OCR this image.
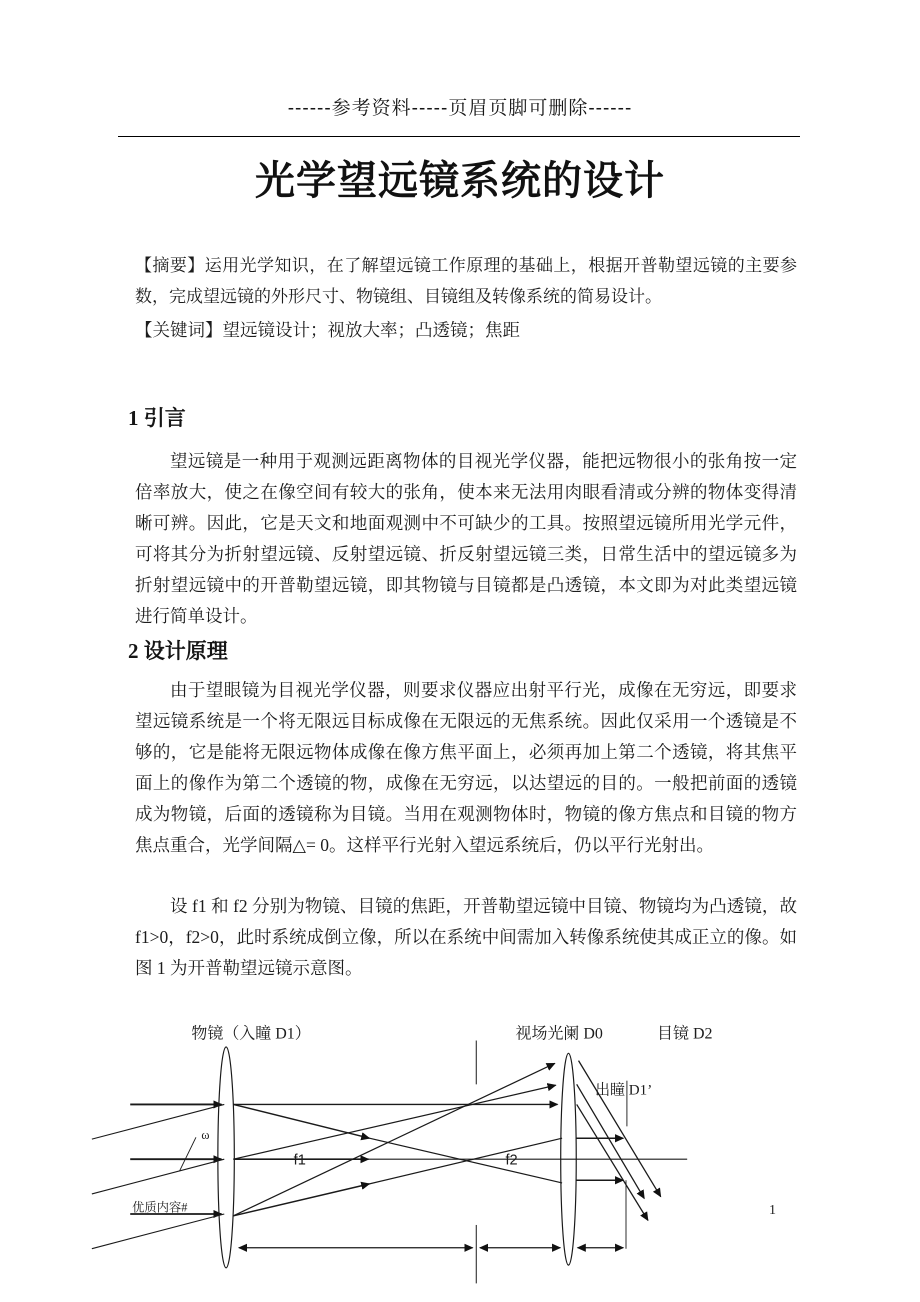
------参考资料-----页眉页脚可删除------
光学望远镜系统的设计
【摘要】运用光学知识，在了解望远镜工作原理的基础上，根据开普勒望远镜的主要参数，完成望远镜的外形尺寸、物镜组、目镜组及转像系统的简易设计。
【关键词】望远镜设计；视放大率；凸透镜；焦距
1 引言
望远镜是一种用于观测远距离物体的目视光学仪器，能把远物很小的张角按一定倍率放大，使之在像空间有较大的张角，使本来无法用肉眼看清或分辨的物体变得清晰可辨。因此，它是天文和地面观测中不可缺少的工具。按照望远镜所用光学元件，可将其分为折射望远镜、反射望远镜、折反射望远镜三类，日常生活中的望远镜多为折射望远镜中的开普勒望远镜，即其物镜与目镜都是凸透镜，本文即为对此类望远镜进行简单设计。
2 设计原理
由于望眼镜为目视光学仪器，则要求仪器应出射平行光，成像在无穷远，即要求望远镜系统是一个将无限远目标成像在无限远的无焦系统。因此仅采用一个透镜是不够的，它是能将无限远物体成像在像方焦平面上，必须再加上第二个透镜，将其焦平面上的像作为第二个透镜的物，成像在无穷远，以达望远的目的。一般把前面的透镜成为物镜，后面的透镜称为目镜。当用在观测物体时，物镜的像方焦点和目镜的物方焦点重合，光学间隔△= 0。这样平行光射入望远系统后，仍以平行光射出。
设 f1 和 f2 分别为物镜、目镜的焦距，开普勒望远镜中目镜、物镜均为凸透镜，故 f1>0，f2>0，此时系统成倒立像，所以在系统中间需加入转像系统使其成正立的像。如图 1 为开普勒望远镜示意图。
物镜（入瞳 D1）	视场光阑 D0	目镜 D2
出瞳 D1’
f1	f2
ω
优质内容#	1
